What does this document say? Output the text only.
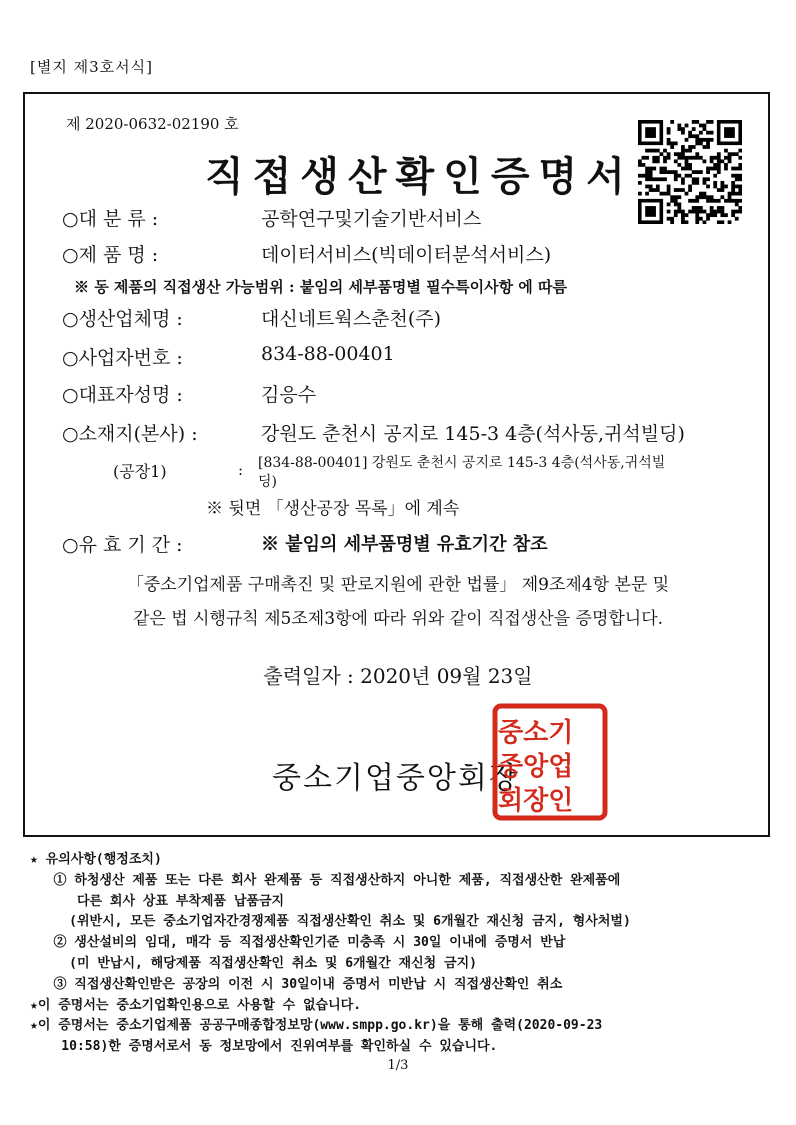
[별지 제3호서식]
제 2020-0632-02190 호
직접생산확인증명서
○대 분 류 :	공학연구및기술기반서비스
○제 품 명 :	데이터서비스(빅데이터분석서비스)
※ 동 제품의 직접생산 가능범위 : 붙임의 세부품명별 필수특이사항 에 따름
○생산업체명 :	대신네트웍스춘천(주)
○사업자번호 :	834-88-00401
○대표자성명 :	김응수
○소재지(본사) :	강원도 춘천시 공지로 145-3 4층(석사동,귀석빌딩)
(공장1)	: [834-88-00401] 강원도 춘천시 공지로 145-3 4층(석사동,귀석빌
딩)
※ 뒷면 「생산공장 목록」에 계속
○유 효 기 간 :	※ 붙임의 세부품명별 유효기간 참조
「중소기업제품 구매촉진 및 판로지원에 관한 법률」 제9조제4항 본문 및
같은 법 시행규칙 제5조제3항에 따라 위와 같이 직접생산을 증명합니다.
출력일자 : 2020년 09월 23일
중소기업중앙회장
중소기
중앙업
회장인
★ 유의사항(행정조치)
① 하청생산 제품 또는 다른 회사 완제품 등 직접생산하지 아니한 제품, 직접생산한 완제품에
다른 회사 상표 부착제품 납품금지
(위반시, 모든 중소기업자간경쟁제품 직접생산확인 취소 및 6개월간 재신청 금지, 형사처벌)
② 생산설비의 임대, 매각 등 직접생산확인기준 미충족 시 30일 이내에 증명서 반납
(미 반납시, 해당제품 직접생산확인 취소 및 6개월간 재신청 금지)
③ 직접생산확인받은 공장의 이전 시 30일이내 증명서 미반납 시 직접생산확인 취소
★이 증명서는 중소기업확인용으로 사용할 수 없습니다.
★이 증명서는 중소기업제품 공공구매종합정보망(www.smpp.go.kr)을 통해 출력(2020-09-23
10:58)한 증명서로서 동 정보망에서 진위여부를 확인하실 수 있습니다.
1/3
